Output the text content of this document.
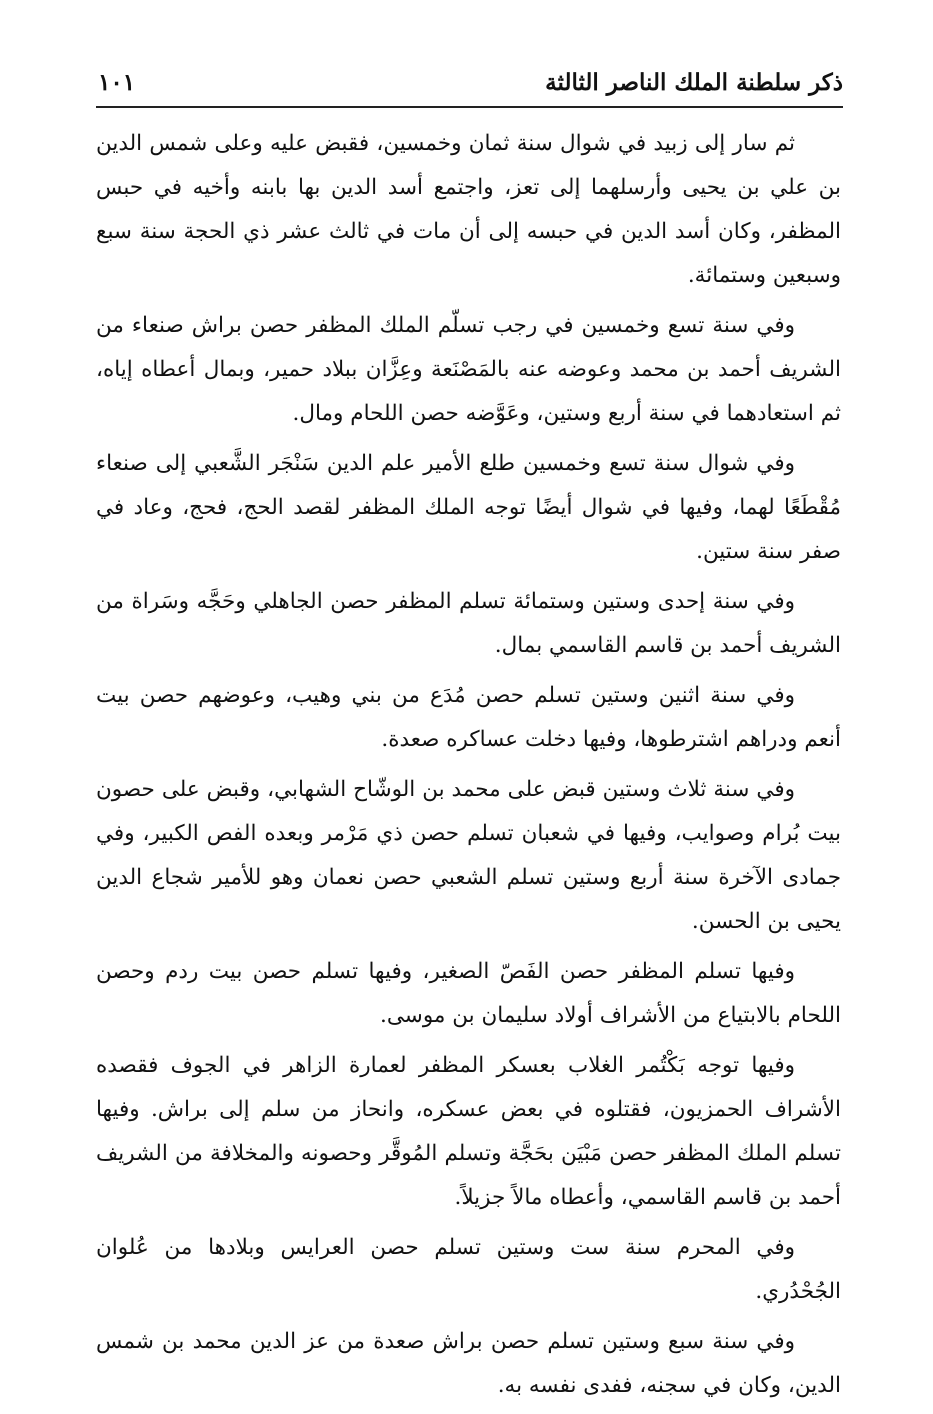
ذكر سلطنة الملك الناصر الثالثة
١٠١

ثم سار إلى زبيد في شوال سنة ثمان وخمسين، فقبض عليه وعلى شمس الدين بن علي بن يحيى وأرسلهما إلى تعز، واجتمع أسد الدين بها بابنه وأخيه في حبس المظفر، وكان أسد الدين في حبسه إلى أن مات في ثالث عشر ذي الحجة سنة سبع وسبعين وستمائة.

وفي سنة تسع وخمسين في رجب تسلّم الملك المظفر حصن براش صنعاء من الشريف أحمد بن محمد وعوضه عنه بالمَصْنَعة وعِزَّان ببلاد حمير، وبمال أعطاه إياه، ثم استعادهما في سنة أربع وستين، وعَوَّضه حصن اللحام ومال.

وفي شوال سنة تسع وخمسين طلع الأمير علم الدين سَنْجَر الشَّعبي إلى صنعاء مُقْطَعًا لهما، وفيها في شوال أيضًا توجه الملك المظفر لقصد الحج، فحج، وعاد في صفر سنة ستين.

وفي سنة إحدى وستين وستمائة تسلم المظفر حصن الجاهلي وحَجَّه وسَراة من الشريف أحمد بن قاسم القاسمي بمال.

وفي سنة اثنين وستين تسلم حصن مُدَع من بني وهيب، وعوضهم حصن بيت أنعم ودراهم اشترطوها، وفيها دخلت عساكره صعدة.

وفي سنة ثلاث وستين قبض على محمد بن الوشّاح الشهابي، وقبض على حصون بيت بُرام وصوايب، وفيها في شعبان تسلم حصن ذي مَرْمر وبعده الفص الكبير، وفي جمادى الآخرة سنة أربع وستين تسلم الشعبي حصن نعمان وهو للأمير شجاع الدين يحيى بن الحسن.

وفيها تسلم المظفر حصن الفَصّ الصغير، وفيها تسلم حصن بيت ردم وحصن اللحام بالابتياع من الأشراف أولاد سليمان بن موسى.

وفيها توجه بَكْتُمر الغلاب بعسكر المظفر لعمارة الزاهر في الجوف فقصده الأشراف الحمزيون، فقتلوه في بعض عسكره، وانحاز من سلم إلى براش. وفيها تسلم الملك المظفر حصن مَبْيَن بحَجَّة وتسلم المُوقَّر وحصونه والمخلافة من الشريف أحمد بن قاسم القاسمي، وأعطاه مالاً جزيلاً.

وفي المحرم سنة ست وستين تسلم حصن العرايس وبلادها من عُلوان الجُحْدُري.

وفي سنة سبع وستين تسلم حصن براش صعدة من عز الدين محمد بن شمس الدين، وكان في سجنه، ففدى نفسه به.
